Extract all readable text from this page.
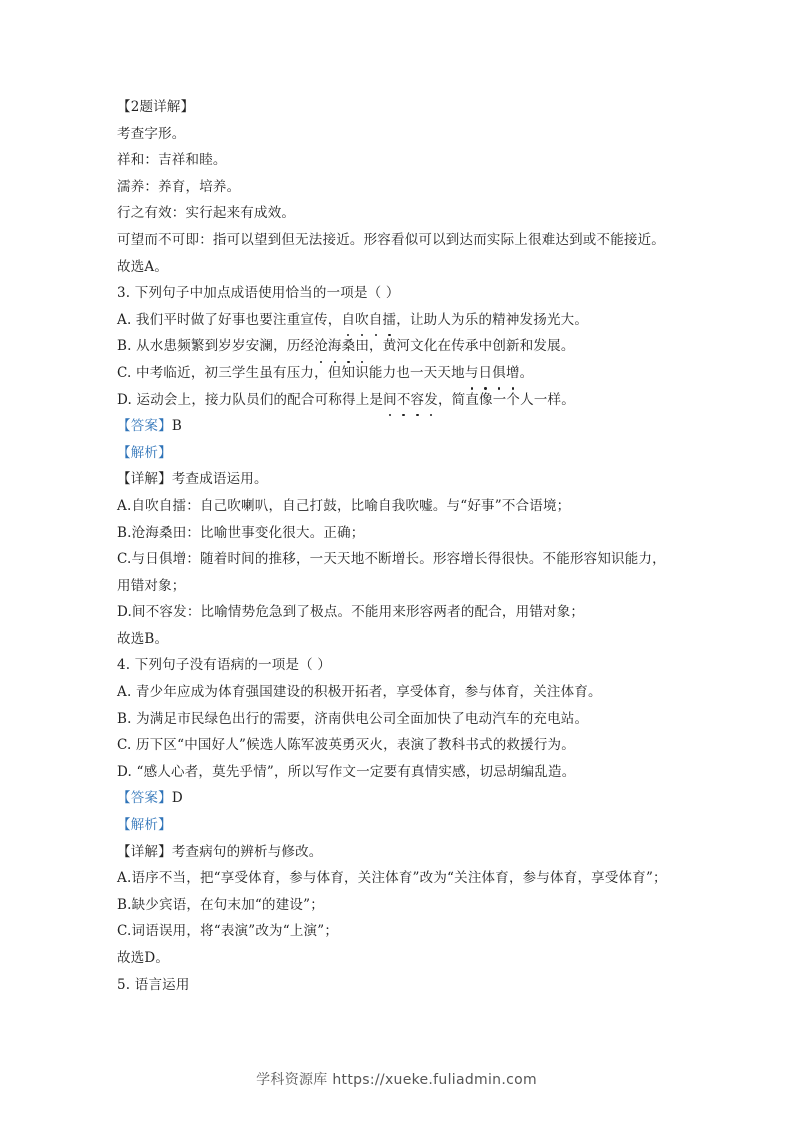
【2题详解】
考查字形。
祥和：吉祥和睦。
濡养：养育，培养。
行之有效：实行起来有成效。
可望而不可即：指可以望到但无法接近。形容看似可以到达而实际上很难达到或不能接近。
故选A。
3. 下列句子中加点成语使用恰当的一项是（ ）
A. 我们平时做了好事也要注重宣传，自吹自擂，让助人为乐的精神发扬光大。
B. 从水患频繁到岁岁安澜，历经沧海桑田，黄河文化在传承中创新和发展。
C. 中考临近，初三学生虽有压力，但知识能力也一天天地与日俱增。
D. 运动会上，接力队员们的配合可称得上是间不容发，简直像一个人一样。
【答案】B
【解析】
【详解】考查成语运用。
A.自吹自擂：自己吹喇叭，自己打鼓，比喻自我吹嘘。与“好事”不合语境；
B.沧海桑田：比喻世事变化很大。正确；
C.与日俱增：随着时间的推移，一天天地不断增长。形容增长得很快。不能形容知识能力，
用错对象；
D.间不容发：比喻情势危急到了极点。不能用来形容两者的配合，用错对象；
故选B。
4. 下列句子没有语病的一项是（ ）
A. 青少年应成为体育强国建设的积极开拓者，享受体育，参与体育，关注体育。
B. 为满足市民绿色出行的需要，济南供电公司全面加快了电动汽车的充电站。
C. 历下区“中国好人”候选人陈军波英勇灭火，表演了教科书式的救援行为。
D. “感人心者，莫先乎情”，所以写作文一定要有真情实感，切忌胡编乱造。
【答案】D
【解析】
【详解】考查病句的辨析与修改。
A.语序不当，把“享受体育，参与体育，关注体育”改为“关注体育，参与体育，享受体育”；
B.缺少宾语，在句末加“的建设”；
C.词语误用，将“表演”改为“上演”；
故选D。
5. 语言运用
学科资源库 https://xueke.fuliadmin.com
